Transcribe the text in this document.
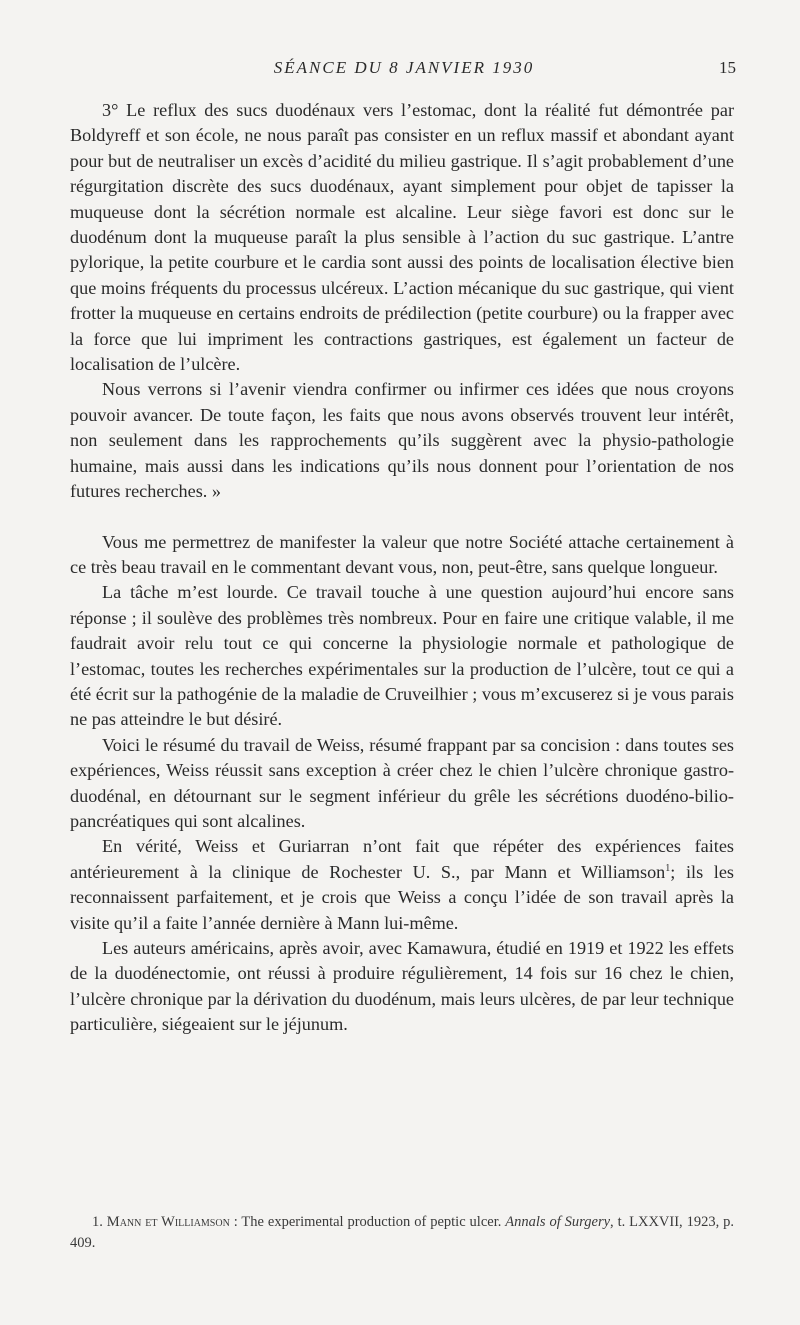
SÉANCE DU 8 JANVIER 1930	15

3° Le reflux des sucs duodénaux vers l’estomac, dont la réalité fut démontrée par Boldyreff et son école, ne nous paraît pas consister en un reflux massif et abondant ayant pour but de neutraliser un excès d’acidité du milieu gastrique. Il s’agit probablement d’une régurgitation discrète des sucs duodénaux, ayant simplement pour objet de tapisser la muqueuse dont la sécrétion normale est alcaline. Leur siège favori est donc sur le duodénum dont la muqueuse paraît la plus sensible à l’action du suc gastrique. L’antre pylorique, la petite courbure et le cardia sont aussi des points de localisation élective bien que moins fréquents du processus ulcéreux. L’action mécanique du suc gastrique, qui vient frotter la muqueuse en certains endroits de prédilection (petite courbure) ou la frapper avec la force que lui impriment les contractions gastriques, est également un facteur de localisation de l’ulcère.

Nous verrons si l’avenir viendra confirmer ou infirmer ces idées que nous croyons pouvoir avancer. De toute façon, les faits que nous avons observés trouvent leur intérêt, non seulement dans les rapprochements qu’ils suggèrent avec la physio-pathologie humaine, mais aussi dans les indications qu’ils nous donnent pour l’orientation de nos futures recherches. »

Vous me permettrez de manifester la valeur que notre Société attache certainement à ce très beau travail en le commentant devant vous, non, peut-être, sans quelque longueur.

La tâche m’est lourde. Ce travail touche à une question aujourd’hui encore sans réponse ; il soulève des problèmes très nombreux. Pour en faire une critique valable, il me faudrait avoir relu tout ce qui concerne la physiologie normale et pathologique de l’estomac, toutes les recherches expérimentales sur la production de l’ulcère, tout ce qui a été écrit sur la pathogénie de la maladie de Cruveilhier ; vous m’excuserez si je vous parais ne pas atteindre le but désiré.

Voici le résumé du travail de Weiss, résumé frappant par sa concision : dans toutes ses expériences, Weiss réussit sans exception à créer chez le chien l’ulcère chronique gastro-duodénal, en détournant sur le segment inférieur du grêle les sécrétions duodéno-bilio-pancréatiques qui sont alcalines.

En vérité, Weiss et Guriarran n’ont fait que répéter des expériences faites antérieurement à la clinique de Rochester U. S., par Mann et Williamson$^1$; ils les reconnaissent parfaitement, et je crois que Weiss a conçu l’idée de son travail après la visite qu’il a faite l’année dernière à Mann lui-même.

Les auteurs américains, après avoir, avec Kamawura, étudié en 1919 et 1922 les effets de la duodénectomie, ont réussi à produire régulièrement, 14 fois sur 16 chez le chien, l’ulcère chronique par la dérivation du duodénum, mais leurs ulcères, de par leur technique particulière, siégeaient sur le jéjunum.

1. Mann et Williamson : The experimental production of peptic ulcer. Annals of Surgery, t. LXXVII, 1923, p. 409.
